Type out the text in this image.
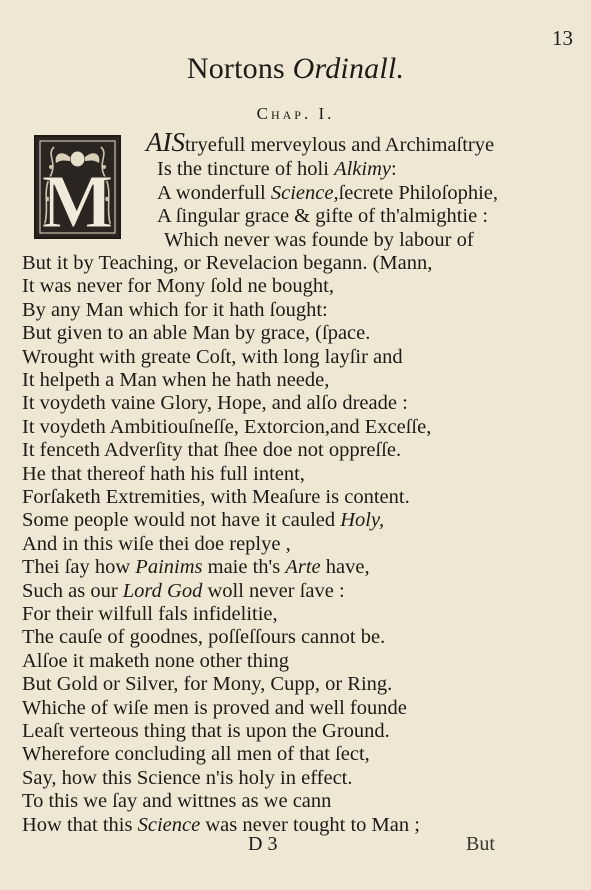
13
Nortons Ordinall.
Chap. I.
M
AIStryefull merveylous and Archimaſtrye
Is the tincture of holi Alkimy:
A wonderfull Science,ſecrete Philoſophie,
A ſingular grace & gifte of th'almightie :
Which never was founde by labour of
But it by Teaching, or Revelacion begann. (Mann,
It was never for Mony ſold ne bought,
By any Man which for it hath ſought:
But given to an able Man by grace, (ſpace.
Wrought with greate Coſt, with long layſir and
It helpeth a Man when he hath neede,
It voydeth vaine Glory, Hope, and alſo dreade :
It voydeth Ambitiouſneſſe, Extorcion,and Exceſſe,
It fenceth Adverſity that ſhee doe not oppreſſe.
He that thereof hath his full intent,
Forſaketh Extremities, with Meaſure is content.
Some people would not have it cauled Holy,
And in this wiſe thei doe replye ,
Thei ſay how Painims maie th's Arte have,
Such as our Lord God woll never ſave :
For their wilfull fals infidelitie,
The cauſe of goodnes, poſſeſſours cannot be.
Alſoe it maketh none other thing
But Gold or Silver, for Mony, Cupp, or Ring.
Whiche of wiſe men is proved and well founde
Leaſt verteous thing that is upon the Ground.
Wherefore concluding all men of that ſect,
Say, how this Science n'is holy in effect.
To this we ſay and wittnes as we cann
How that this Science was never tought to Man ;
D 3	But
